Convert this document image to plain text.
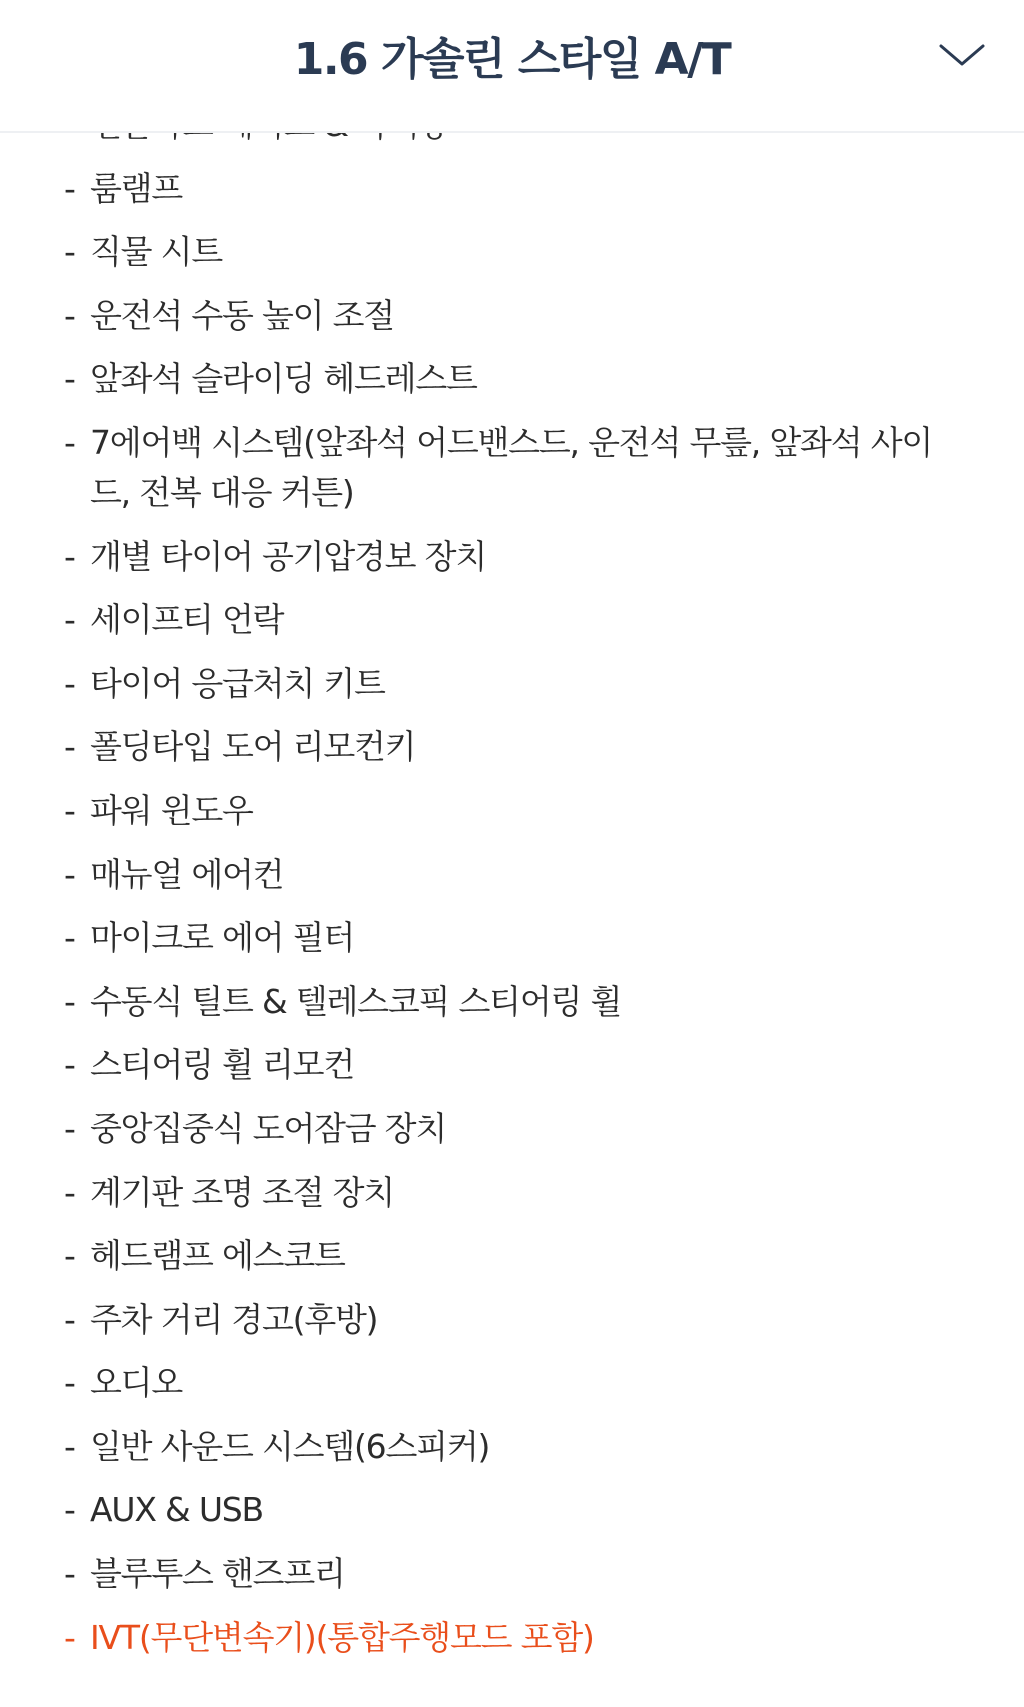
1.6 가솔린 스타일 A/T
- 룸램프
- 직물 시트
- 운전석 수동 높이 조절
- 앞좌석 슬라이딩 헤드레스트
- 7에어백 시스템(앞좌석 어드밴스드, 운전석 무릎, 앞좌석 사이드, 전복 대응 커튼)
- 개별 타이어 공기압경보 장치
- 세이프티 언락
- 타이어 응급처치 키트
- 폴딩타입 도어 리모컨키
- 파워 윈도우
- 매뉴얼 에어컨
- 마이크로 에어 필터
- 수동식 틸트 & 텔레스코픽 스티어링 휠
- 스티어링 휠 리모컨
- 중앙집중식 도어잠금 장치
- 계기판 조명 조절 장치
- 헤드램프 에스코트
- 주차 거리 경고(후방)
- 오디오
- 일반 사운드 시스템(6스피커)
- AUX & USB
- 블루투스 핸즈프리
- IVT(무단변속기)(통합주행모드 포함)
